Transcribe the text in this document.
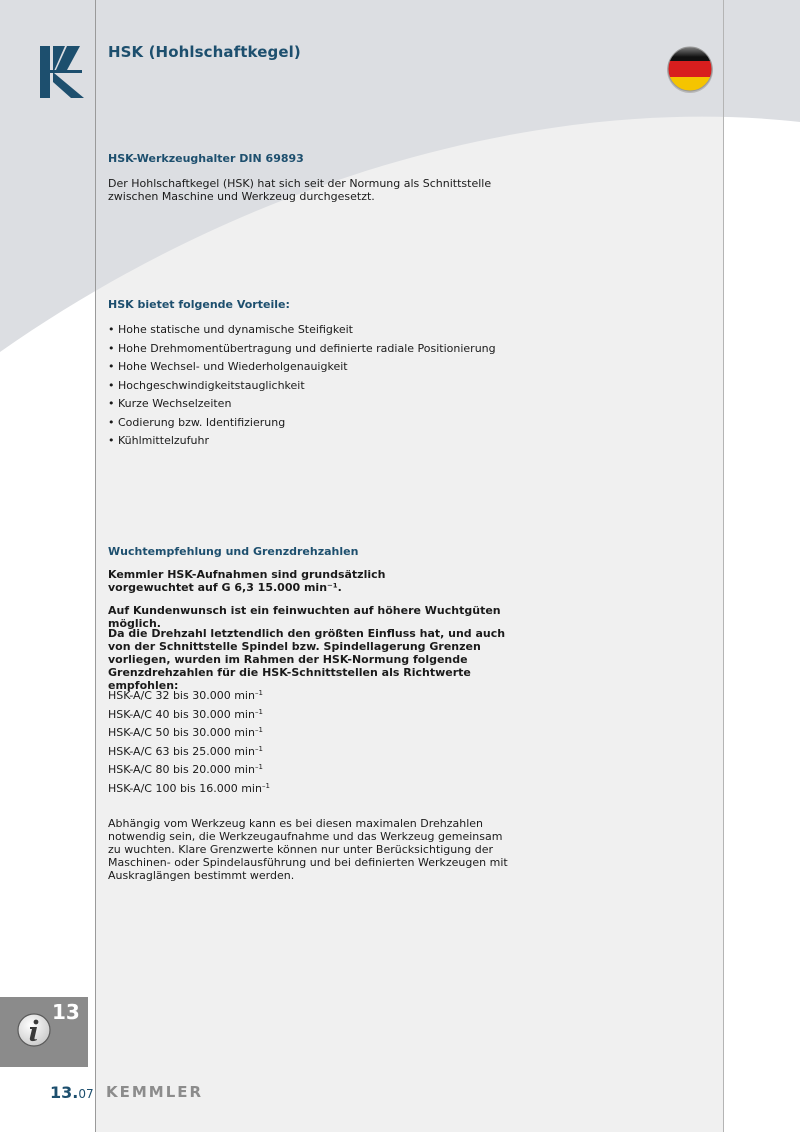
HSK (Hohlschaftkegel)
HSK-Werkzeughalter DIN 69893
Der Hohlschaftkegel (HSK) hat sich seit der Normung als Schnittstelle zwischen Maschine und Werkzeug durchgesetzt.
HSK bietet folgende Vorteile:
• Hohe statische und dynamische Steifigkeit
• Hohe Drehmomentübertragung und definierte radiale Positionierung
• Hohe Wechsel- und Wiederholgenauigkeit
• Hochgeschwindigkeitstauglichkeit
• Kurze Wechselzeiten
• Codierung bzw. Identifizierung
• Kühlmittelzufuhr
Wuchtempfehlung und Grenzdrehzahlen
Kemmler HSK-Aufnahmen sind grundsätzlich vorgewuchtet auf G 6,3 15.000 min⁻¹.
Auf Kundenwunsch ist ein feinwuchten auf höhere Wuchtgüten möglich.
Da die Drehzahl letztendlich den größten Einfluss hat, und auch von der Schnittstelle Spindel bzw. Spindellagerung Grenzen vorliegen, wurden im Rahmen der HSK-Normung folgende Grenzdrehzahlen für die HSK-Schnittstellen als Richtwerte empfohlen:
HSK-A/C 32 bis 30.000 $\min^{-1}$
HSK-A/C 40 bis 30.000 $\min^{-1}$
HSK-A/C 50 bis 30.000 $\min^{-1}$
HSK-A/C 63 bis 25.000 $\min^{-1}$
HSK-A/C 80 bis 20.000 $\min^{-1}$
HSK-A/C 100 bis 16.000 $\min^{-1}$
Abhängig vom Werkzeug kann es bei diesen maximalen Drehzahlen notwendig sein, die Werkzeugaufnahme und das Werkzeug gemeinsam zu wuchten. Klare Grenzwerte können nur unter Berücksichtigung der Maschinen- oder Spindelausführung und bei definierten Werkzeugen mit Auskraglängen bestimmt werden.
13
13.07 KEMMLER
